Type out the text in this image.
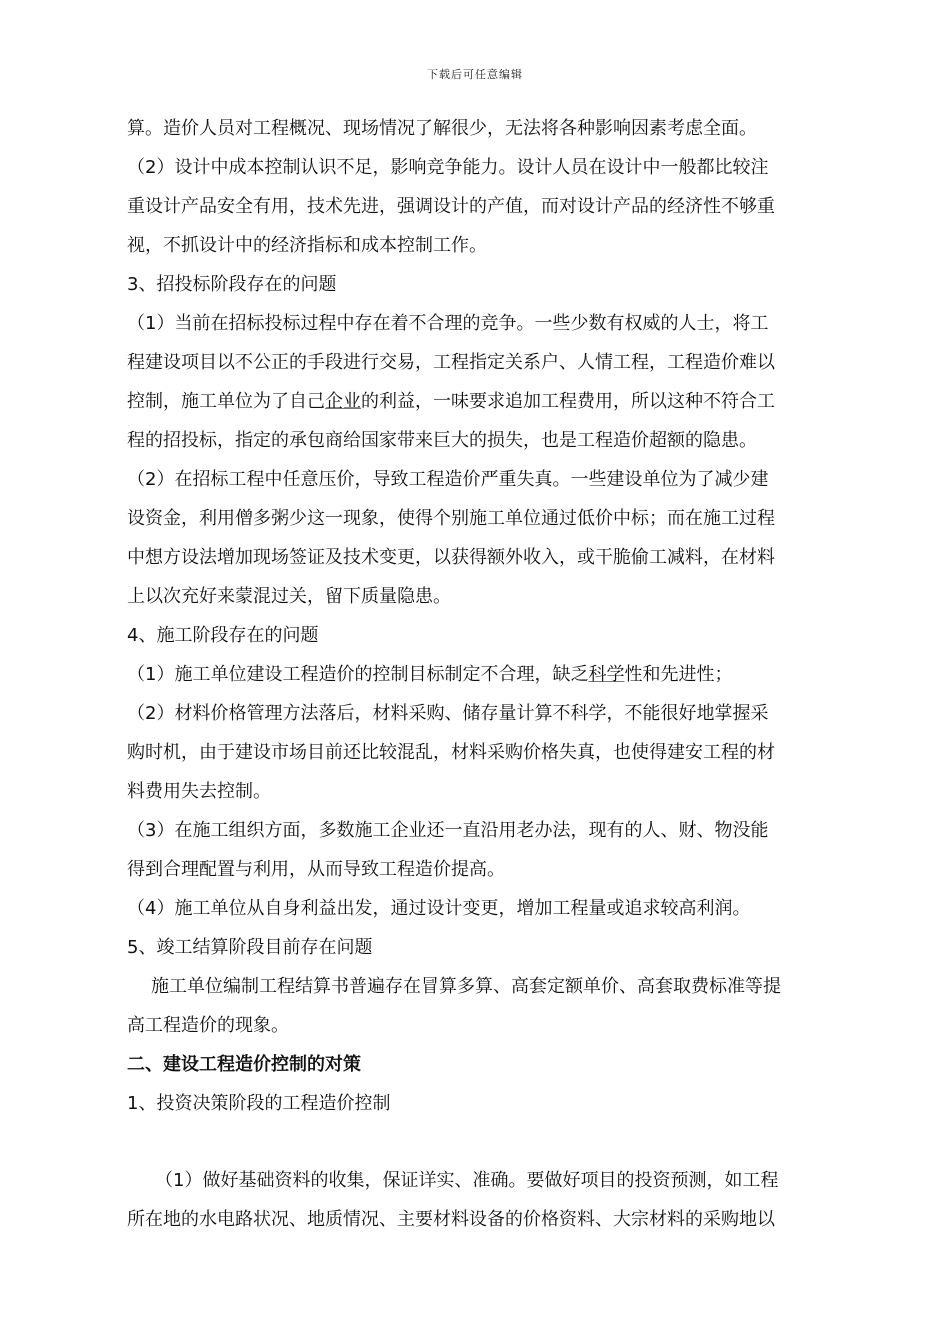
下载后可任意编辑
算。造价人员对工程概况、现场情况了解很少，无法将各种影响因素考虑全面。
（2）设计中成本控制认识不足，影响竞争能力。设计人员在设计中一般都比较注
重设计产品安全有用，技术先进，强调设计的产值，而对设计产品的经济性不够重
视，不抓设计中的经济指标和成本控制工作。
3、招投标阶段存在的问题
（1）当前在招标投标过程中存在着不合理的竞争。一些少数有权威的人士，将工
程建设项目以不公正的手段进行交易，工程指定关系户、人情工程，工程造价难以
控制，施工单位为了自己企业的利益，一味要求追加工程费用，所以这种不符合工
程的招投标，指定的承包商给国家带来巨大的损失，也是工程造价超额的隐患。
（2）在招标工程中任意压价，导致工程造价严重失真。一些建设单位为了减少建
设资金，利用僧多粥少这一现象，使得个别施工单位通过低价中标；而在施工过程
中想方设法增加现场签证及技术变更，以获得额外收入，或干脆偷工减料，在材料
上以次充好来蒙混过关，留下质量隐患。
4、施工阶段存在的问题
（1）施工单位建设工程造价的控制目标制定不合理，缺乏科学性和先进性；
（2）材料价格管理方法落后，材料采购、储存量计算不科学，不能很好地掌握采
购时机，由于建设市场目前还比较混乱，材料采购价格失真，也使得建安工程的材
料费用失去控制。
（3）在施工组织方面，多数施工企业还一直沿用老办法，现有的人、财、物没能
得到合理配置与利用，从而导致工程造价提高。
（4）施工单位从自身利益出发，通过设计变更，增加工程量或追求较高利润。
5、竣工结算阶段目前存在问题
施工单位编制工程结算书普遍存在冒算多算、高套定额单价、高套取费标准等提
高工程造价的现象。
二、建设工程造价控制的对策
1、投资决策阶段的工程造价控制
（1）做好基础资料的收集，保证详实、准确。要做好项目的投资预测，如工程
所在地的水电路状况、地质情况、主要材料设备的价格资料、大宗材料的采购地以
